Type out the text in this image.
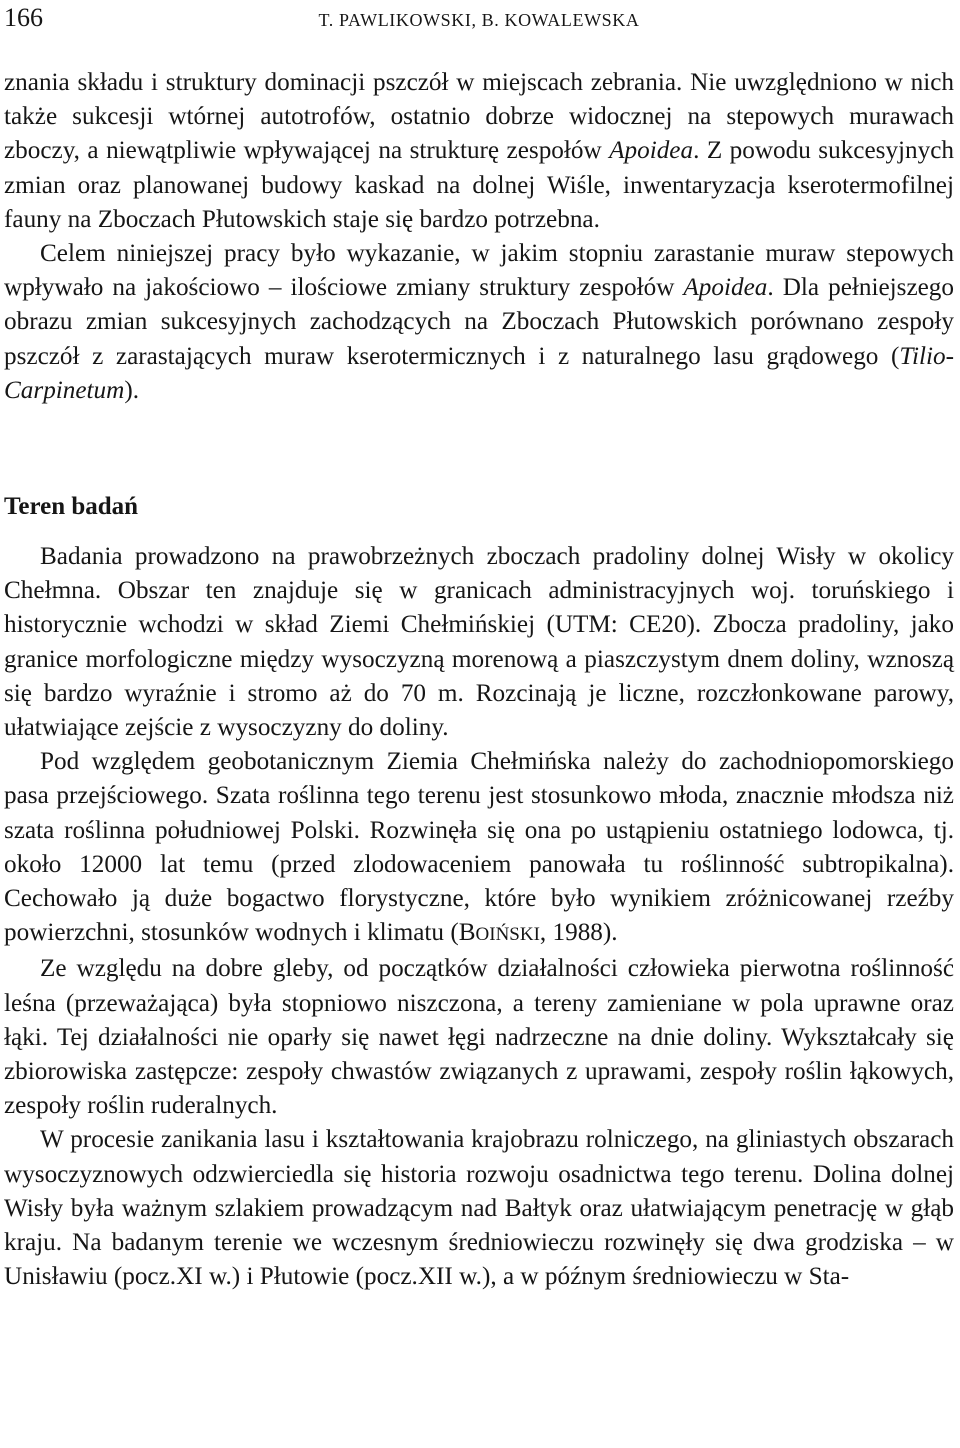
166	T. PAWLIKOWSKI, B. KOWALEWSKA

znania składu i struktury dominacji pszczół w miejscach zebrania. Nie uwzględniono w nich także sukcesji wtórnej autotrofów, ostatnio dobrze widocznej na stepowych murawach zboczy, a niewątpliwie wpływającej na strukturę zespołów Apoidea. Z powodu sukcesyjnych zmian oraz planowanej budowy kaskad na dolnej Wiśle, inwentaryzacja kserotermofilnej fauny na Zboczach Płutowskich staje się bardzo potrzebna.

Celem niniejszej pracy było wykazanie, w jakim stopniu zarastanie muraw stepowych wpływało na jakościowo – ilościowe zmiany struktury zespołów Apoidea. Dla pełniejszego obrazu zmian sukcesyjnych zachodzących na Zboczach Płutowskich porównano zespoły pszczół z zarastających muraw kserotermicznych i z naturalnego lasu grądowego (Tilio-Carpinetum).

Teren badań

Badania prowadzono na prawobrzeżnych zboczach pradoliny dolnej Wisły w okolicy Chełmna. Obszar ten znajduje się w granicach administracyjnych woj. toruńskiego i historycznie wchodzi w skład Ziemi Chełmińskiej (UTM: CE20). Zbocza pradoliny, jako granice morfologiczne między wysoczyzną morenową a piaszczystym dnem doliny, wznoszą się bardzo wyraźnie i stromo aż do 70 m. Rozcinają je liczne, rozczłonkowane parowy, ułatwiające zejście z wysoczyzny do doliny.

Pod względem geobotanicznym Ziemia Chełmińska należy do zachodniopomorskiego pasa przejściowego. Szata roślinna tego terenu jest stosunkowo młoda, znacznie młodsza niż szata roślinna południowej Polski. Rozwinęła się ona po ustąpieniu ostatniego lodowca, tj. około 12000 lat temu (przed zlodowaceniem panowała tu roślinność subtropikalna). Cechowało ją duże bogactwo florystyczne, które było wynikiem zróżnicowanej rzeźby powierzchni, stosunków wodnych i klimatu (BOIŃSKI, 1988).

Ze względu na dobre gleby, od początków działalności człowieka pierwotna roślinność leśna (przeważająca) była stopniowo niszczona, a tereny zamieniane w pola uprawne oraz łąki. Tej działalności nie oparły się nawet łęgi nadrzeczne na dnie doliny. Wykształcały się zbiorowiska zastępcze: zespoły chwastów związanych z uprawami, zespoły roślin łąkowych, zespoły roślin ruderalnych.

W procesie zanikania lasu i kształtowania krajobrazu rolniczego, na gliniastych obszarach wysoczyznowych odzwierciedla się historia rozwoju osadnictwa tego terenu. Dolina dolnej Wisły była ważnym szlakiem prowadzącym nad Bałtyk oraz ułatwiającym penetrację w głąb kraju. Na badanym terenie we wczesnym średniowieczu rozwinęły się dwa grodziska – w Unisławiu (pocz.XI w.) i Płutowie (pocz.XII w.), a w późnym średniowieczu w Sta-
